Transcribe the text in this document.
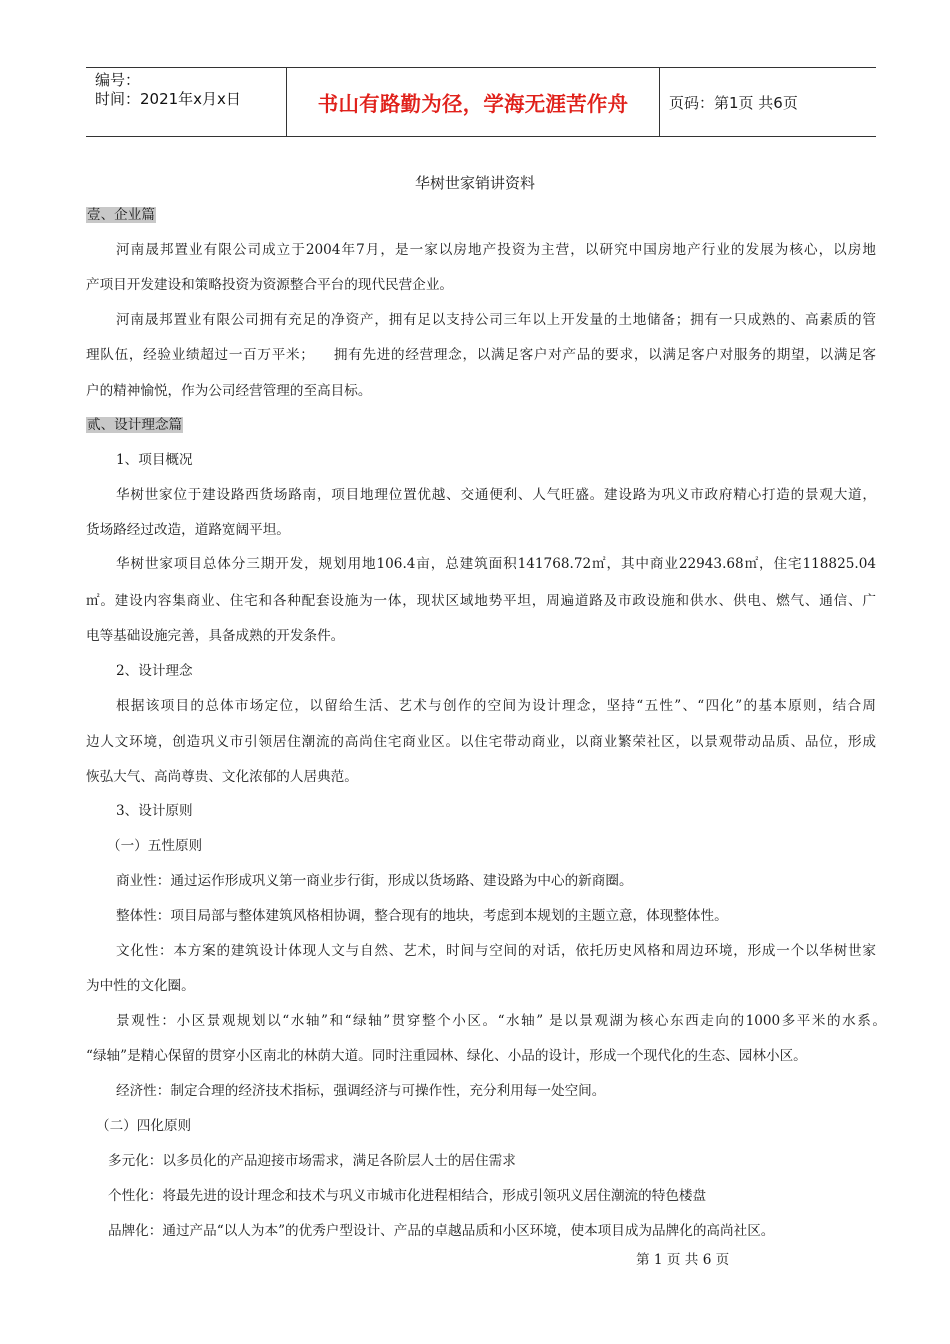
编号：
时间：2021年x月x日	书山有路勤为径，学海无涯苦作舟	页码：第1页 共6页
华树世家销讲资料
壹、企业篇
河南晟邦置业有限公司成立于2004年7月，是一家以房地产投资为主营，以研究中国房地产行业的发展为核心，以房地
产项目开发建设和策略投资为资源整合平台的现代民营企业。
河南晟邦置业有限公司拥有充足的净资产，拥有足以支持公司三年以上开发量的土地储备；拥有一只成熟的、高素质的管
理队伍，经验业绩超过一百万平米；    拥有先进的经营理念，以满足客户对产品的要求，以满足客户对服务的期望，以满足客
户的精神愉悦，作为公司经营管理的至高目标。
贰、设计理念篇
1、项目概况
华树世家位于建设路西货场路南，项目地理位置优越、交通便利、人气旺盛。建设路为巩义市政府精心打造的景观大道，
货场路经过改造，道路宽阔平坦。
华树世家项目总体分三期开发，规划用地106.4亩，总建筑面积141768.72㎡，其中商业22943.68㎡，住宅118825.04
㎡。建设内容集商业、住宅和各种配套设施为一体，现状区域地势平坦，周遍道路及市政设施和供水、供电、燃气、通信、广
电等基础设施完善，具备成熟的开发条件。
2、设计理念
根据该项目的总体市场定位，以留给生活、艺术与创作的空间为设计理念，坚持“五性”、“四化”的基本原则，结合周
边人文环境，创造巩义市引领居住潮流的高尚住宅商业区。以住宅带动商业，以商业繁荣社区，以景观带动品质、品位，形成
恢弘大气、高尚尊贵、文化浓郁的人居典范。
3、设计原则
（一）五性原则
商业性：通过运作形成巩义第一商业步行街，形成以货场路、建设路为中心的新商圈。
整体性：项目局部与整体建筑风格相协调，整合现有的地块，考虑到本规划的主题立意，体现整体性。
文化性：本方案的建筑设计体现人文与自然、艺术，时间与空间的对话，依托历史风格和周边环境，形成一个以华树世家
为中性的文化圈。
景观性：小区景观规划以“水轴”和“绿轴”贯穿整个小区。“水轴” 是以景观湖为核心东西走向的1000多平米的水系。
“绿轴”是精心保留的贯穿小区南北的林荫大道。同时注重园林、绿化、小品的设计，形成一个现代化的生态、园林小区。
经济性：制定合理的经济技术指标，强调经济与可操作性，充分利用每一处空间。
（二）四化原则
多元化：以多员化的产品迎接市场需求，满足各阶层人士的居住需求
个性化：将最先进的设计理念和技术与巩义市城市化进程相结合，形成引领巩义居住潮流的特色楼盘
品牌化：通过产品“以人为本”的优秀户型设计、产品的卓越品质和小区环境，使本项目成为品牌化的高尚社区。
第 1 页 共 6 页
